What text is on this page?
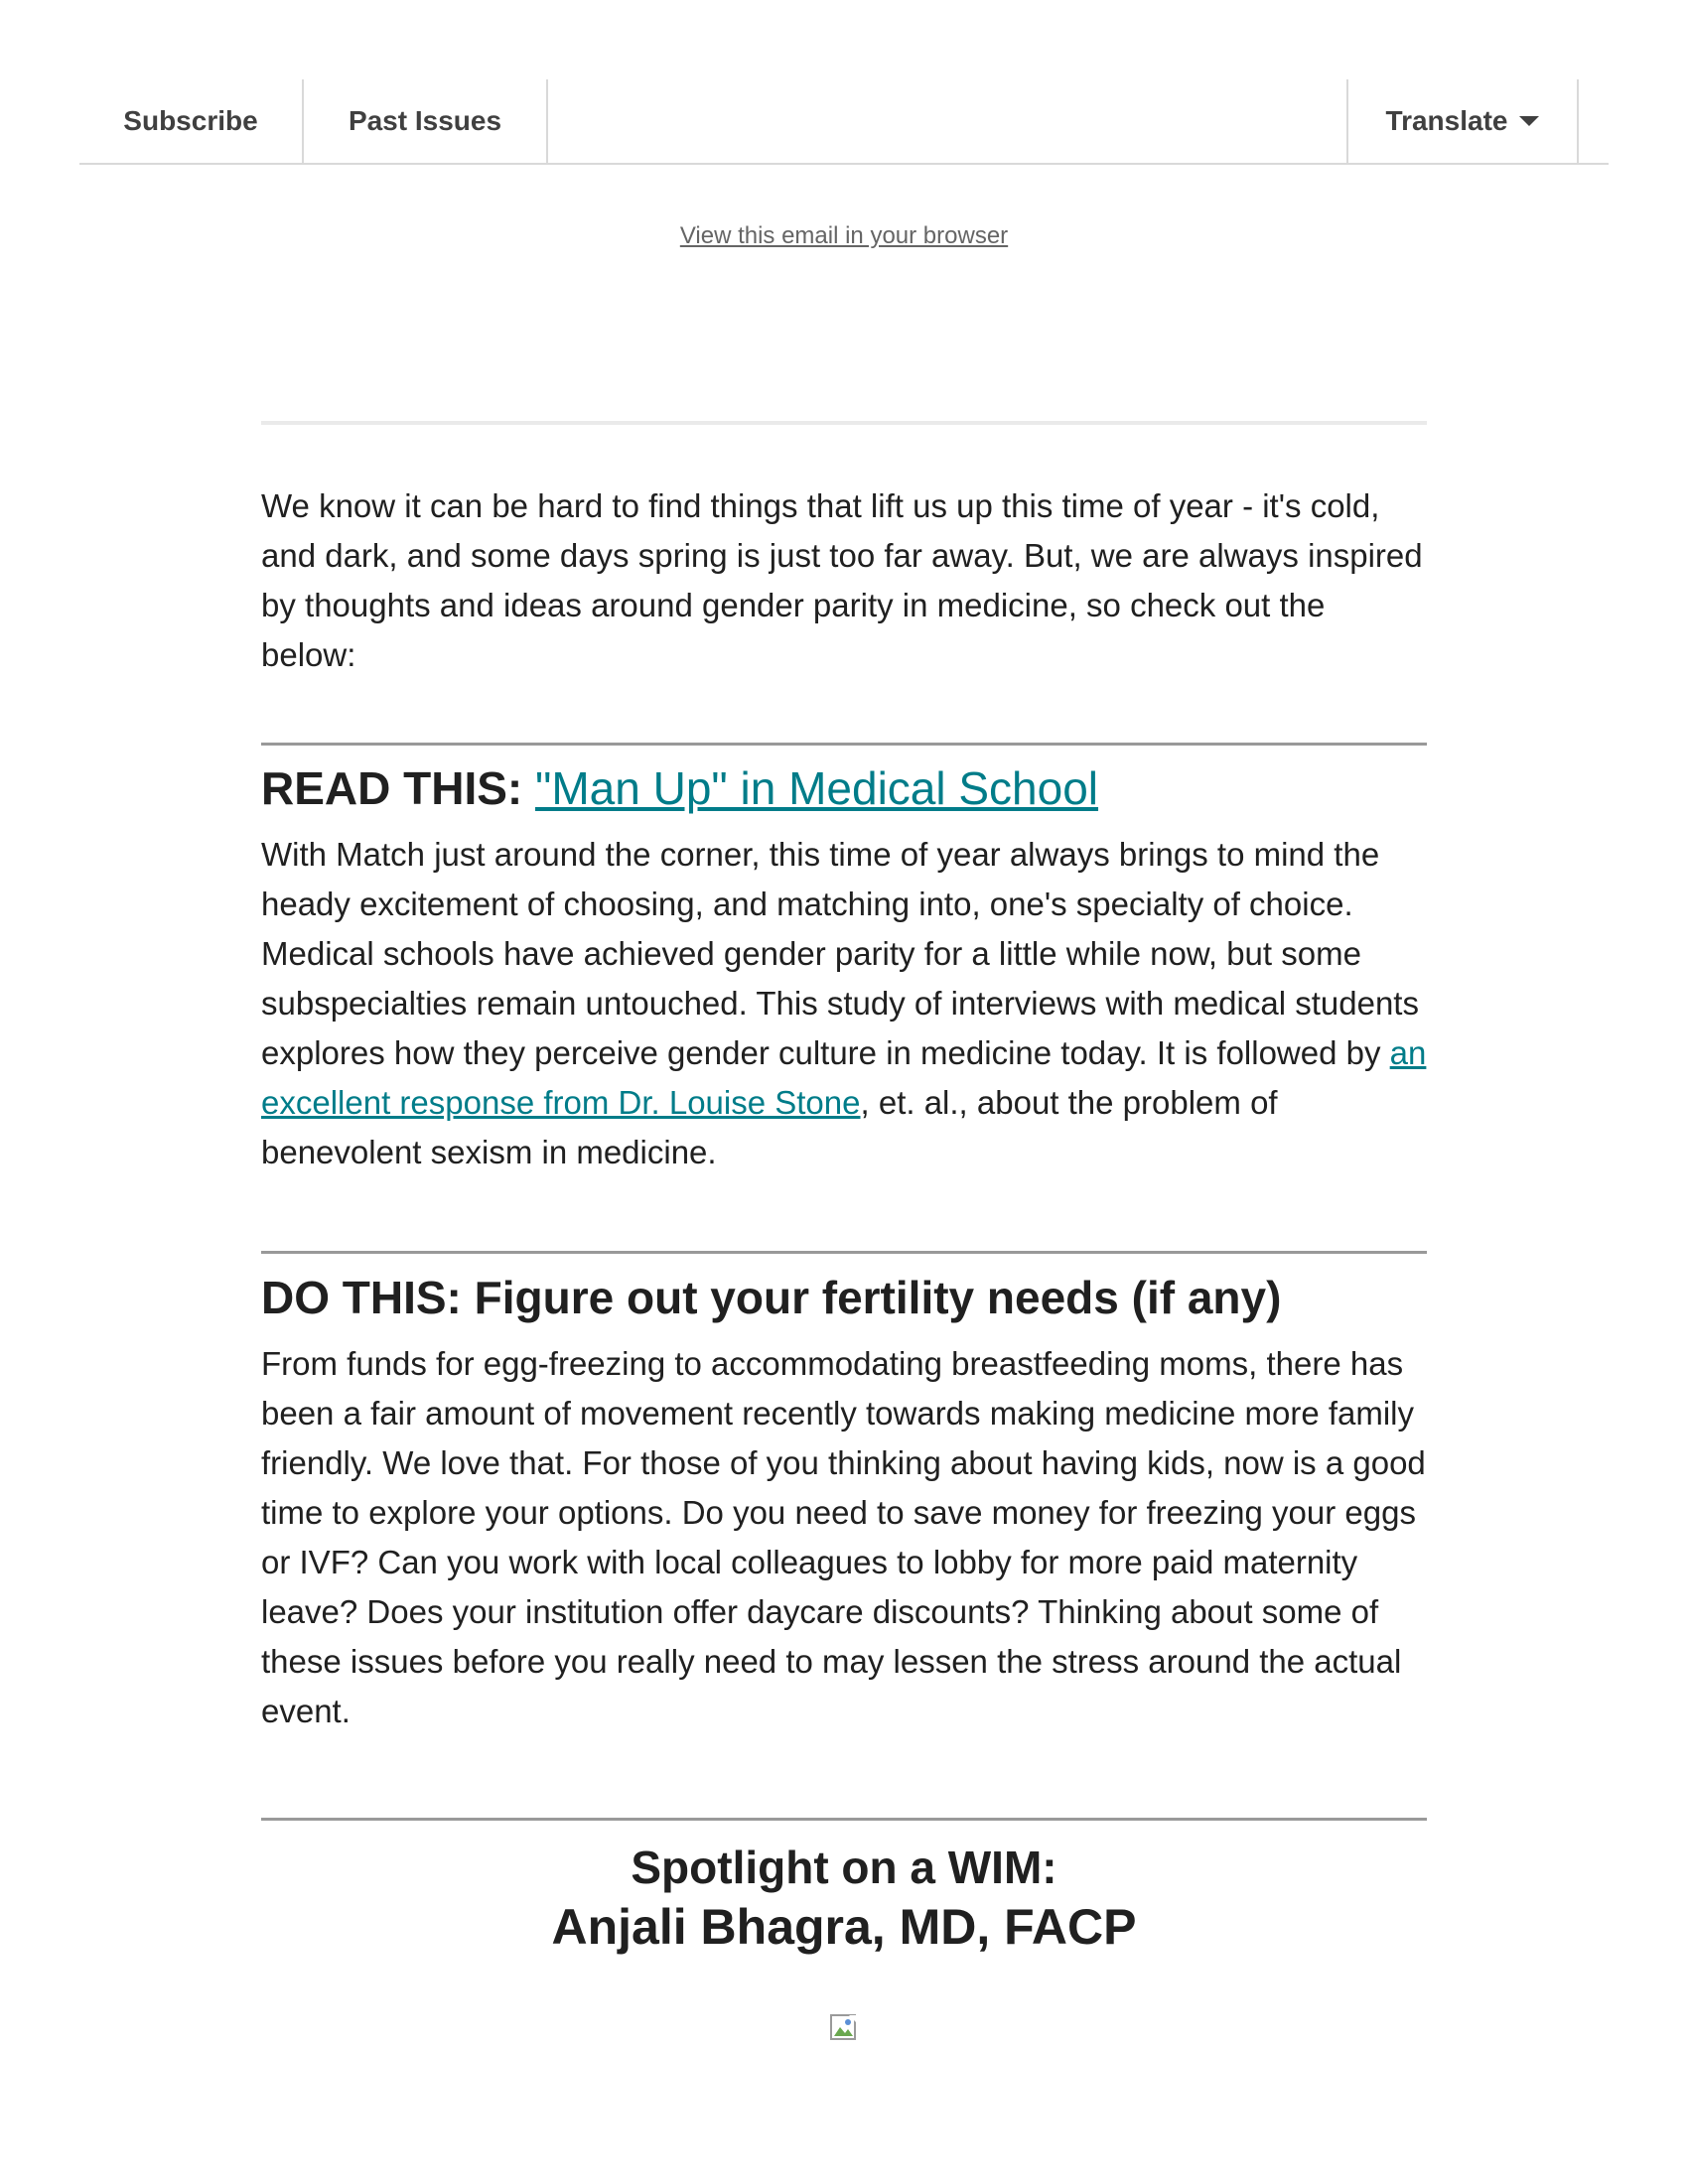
Subscribe	Past Issues	Translate
View this email in your browser

We know it can be hard to find things that lift us up this time of year - it's cold, and dark, and some days spring is just too far away. But, we are always inspired by thoughts and ideas around gender parity in medicine, so check out the below:

READ THIS: "Man Up" in Medical School

With Match just around the corner, this time of year always brings to mind the heady excitement of choosing, and matching into, one's specialty of choice. Medical schools have achieved gender parity for a little while now, but some subspecialties remain untouched. This study of interviews with medical students explores how they perceive gender culture in medicine today. It is followed by an excellent response from Dr. Louise Stone, et. al., about the problem of benevolent sexism in medicine.

DO THIS: Figure out your fertility needs (if any)

From funds for egg-freezing to accommodating breastfeeding moms, there has been a fair amount of movement recently towards making medicine more family friendly. We love that. For those of you thinking about having kids, now is a good time to explore your options. Do you need to save money for freezing your eggs or IVF? Can you work with local colleagues to lobby for more paid maternity leave? Does your institution offer daycare discounts? Thinking about some of these issues before you really need to may lessen the stress around the actual event.

Spotlight on a WIM:
Anjali Bhagra, MD, FACP
